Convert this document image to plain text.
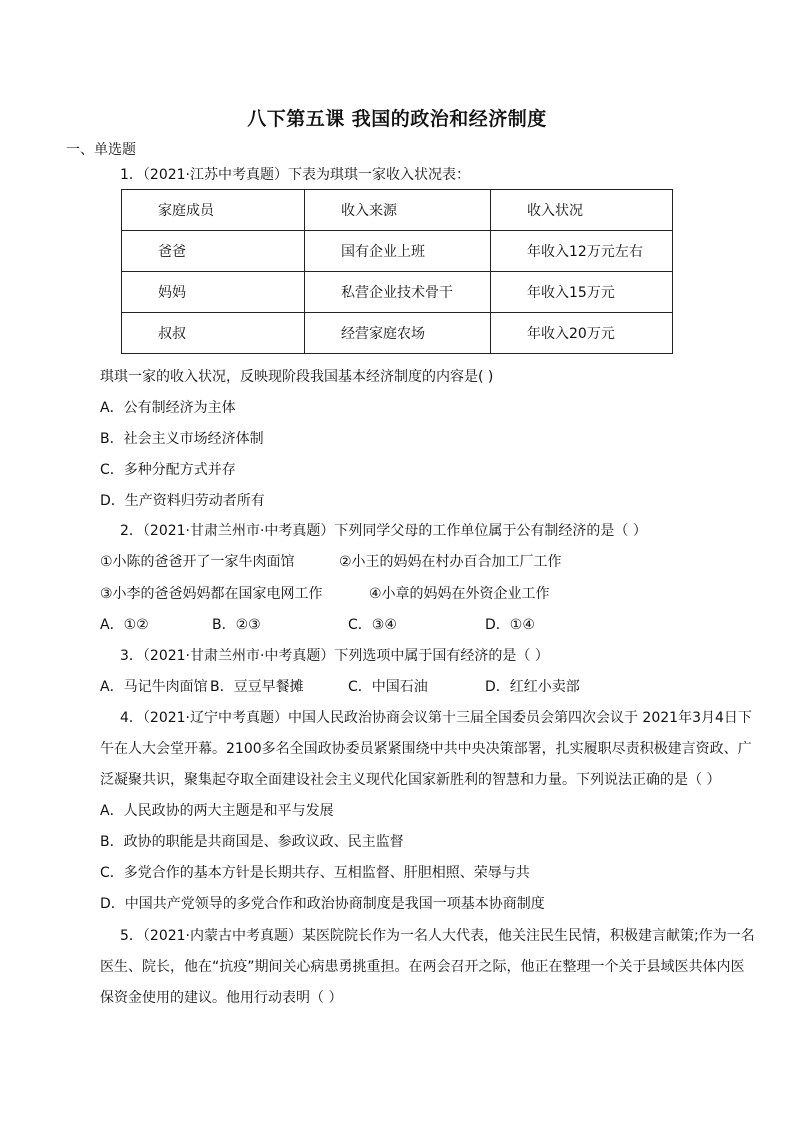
八下第五课 我国的政治和经济制度
一、单选题
1．（2021·江苏中考真题）下表为琪琪一家收入状况表：
家庭成员	收入来源	收入状况
爸爸	国有企业上班	年收入12万元左右
妈妈	私营企业技术骨干	年收入15万元
叔叔	经营家庭农场	年收入20万元
琪琪一家的收入状况，反映现阶段我国基本经济制度的内容是( )
A．公有制经济为主体
B．社会主义市场经济体制
C．多种分配方式并存
D．生产资料归劳动者所有
2．（2021·甘肃兰州市·中考真题）下列同学父母的工作单位属于公有制经济的是（ ）
①小陈的爸爸开了一家牛肉面馆	②小王的妈妈在村办百合加工厂工作
③小李的爸爸妈妈都在国家电网工作	④小章的妈妈在外资企业工作
A．①②	B．②③	C．③④	D．①④
3．（2021·甘肃兰州市·中考真题）下列选项中属于国有经济的是（ ）
A．马记牛肉面馆 B．豆豆早餐摊	C．中国石油	D．红红小卖部
4．（2021·辽宁中考真题）中国人民政治协商会议第十三届全国委员会第四次会议于 2021年3月4日下
午在人大会堂开幕。2100多名全国政协委员紧紧围绕中共中央决策部署，扎实履职尽责积极建言资政、广
泛凝聚共识，聚集起夺取全面建设社会主义现代化国家新胜利的智慧和力量。下列说法正确的是（ ）
A．人民政协的两大主题是和平与发展
B．政协的职能是共商国是、参政议政、民主监督
C．多党合作的基本方针是长期共存、互相监督、肝胆相照、荣辱与共
D．中国共产党领导的多党合作和政治协商制度是我国一项基本协商制度
5．（2021·内蒙古中考真题）某医院院长作为一名人大代表，他关注民生民情，积极建言献策;作为一名
医生、院长，他在“抗疫”期间关心病患勇挑重担。在两会召开之际，他正在整理一个关于县域医共体内医
保资金使用的建议。他用行动表明（ ）
